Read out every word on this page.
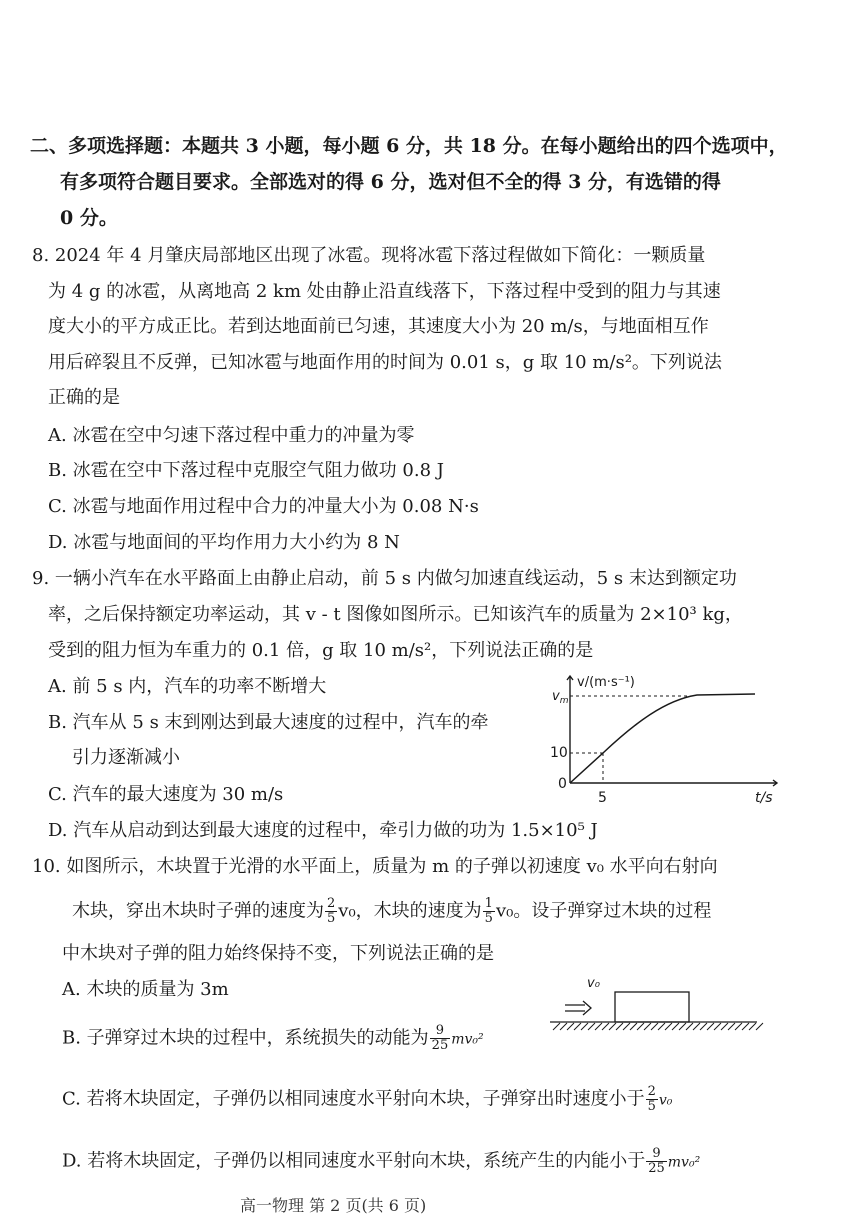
二、多项选择题：本题共 3 小题，每小题 6 分，共 18 分。在每小题给出的四个选项中，
有多项符合题目要求。全部选对的得 6 分，选对但不全的得 3 分，有选错的得
0 分。
8. 2024 年 4 月肇庆局部地区出现了冰雹。现将冰雹下落过程做如下简化：一颗质量
为 4 g 的冰雹，从离地高 2 km 处由静止沿直线落下，下落过程中受到的阻力与其速
度大小的平方成正比。若到达地面前已匀速，其速度大小为 20 m/s，与地面相互作
用后碎裂且不反弹，已知冰雹与地面作用的时间为 0.01 s，g 取 10 m/s²。下列说法
正确的是
A. 冰雹在空中匀速下落过程中重力的冲量为零
B. 冰雹在空中下落过程中克服空气阻力做功 0.8 J
C. 冰雹与地面作用过程中合力的冲量大小为 0.08 N·s
D. 冰雹与地面间的平均作用力大小约为 8 N
9. 一辆小汽车在水平路面上由静止启动，前 5 s 内做匀加速直线运动，5 s 末达到额定功
率，之后保持额定功率运动，其 v - t 图像如图所示。已知该汽车的质量为 2×10³ kg，
受到的阻力恒为车重力的 0.1 倍，g 取 10 m/s²，下列说法正确的是
A. 前 5 s 内，汽车的功率不断增大
B. 汽车从 5 s 末到刚达到最大速度的过程中，汽车的牵
引力逐渐减小
C. 汽车的最大速度为 30 m/s
D. 汽车从启动到达到最大速度的过程中，牵引力做的功为 1.5×10⁵ J
v/(m·s⁻¹)
$v_m$
10
0
5	t/s
10. 如图所示，木块置于光滑的水平面上，质量为 m 的子弹以初速度 v₀ 水平向右射向
木块，穿出木块时子弹的速度为 $\frac{2}{5} v_0$，木块的速度为 $\frac{1}{5} v_0$。设子弹穿过木块的过程
中木块对子弹的阻力始终保持不变，下列说法正确的是
A. 木块的质量为 3m
B. 子弹穿过木块的过程中，系统损失的动能为 $\frac{9}{25} mv_0^2$
C. 若将木块固定，子弹仍以相同速度水平射向木块，子弹穿出时速度小于 $\frac{2}{5} v_0$
D. 若将木块固定，子弹仍以相同速度水平射向木块，系统产生的内能小于 $\frac{9}{25} mv_0^2$
v₀
高一物理 第 2 页(共 6 页)
